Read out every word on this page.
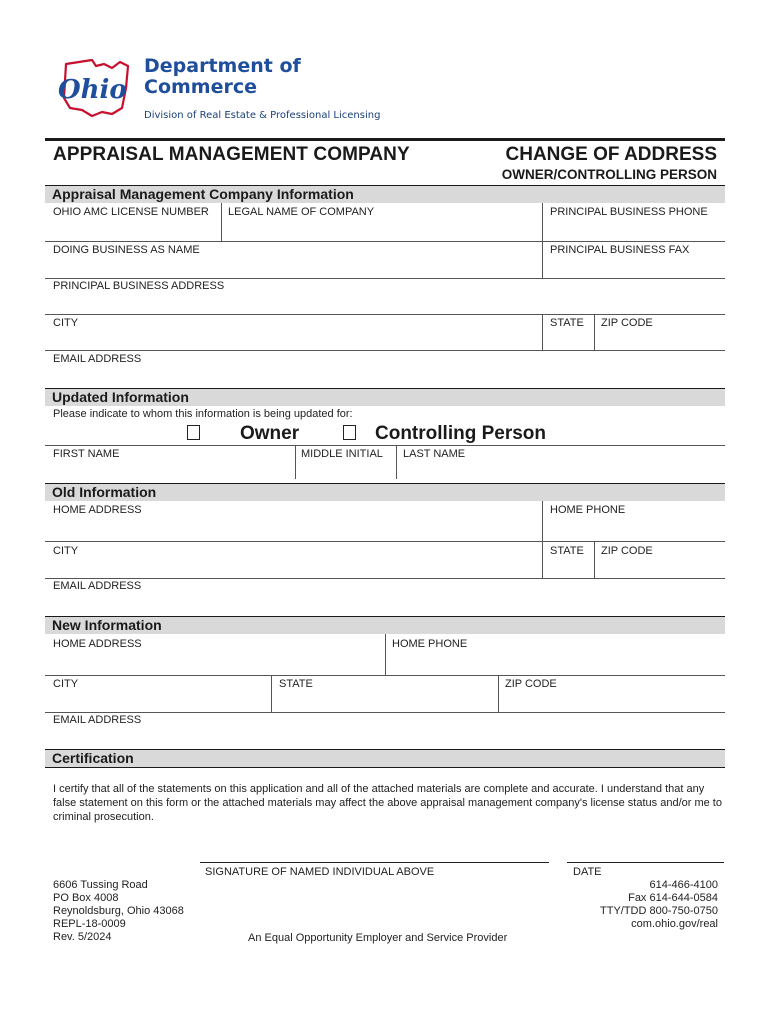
Ohio
Department of
Commerce
Division of Real Estate & Professional Licensing
APPRAISAL MANAGEMENT COMPANY	CHANGE OF ADDRESS
OWNER/CONTROLLING PERSON
Appraisal Management Company Information
OHIO AMC LICENSE NUMBER LEGAL NAME OF COMPANY	PRINCIPAL BUSINESS PHONE
DOING BUSINESS AS NAME	PRINCIPAL BUSINESS FAX
PRINCIPAL BUSINESS ADDRESS
CITY	STATE ZIP CODE
EMAIL ADDRESS
Updated Information
Please indicate to whom this information is being updated for:
Owner	Controlling Person
FIRST NAME	MIDDLE INITIAL LAST NAME
Old Information
HOME ADDRESS	HOME PHONE
CITY	STATE ZIP CODE
EMAIL ADDRESS
New Information
HOME ADDRESS	HOME PHONE
CITY	STATE	ZIP CODE
EMAIL ADDRESS
Certification
I certify that all of the statements on this application and all of the attached materials are complete and accurate. I understand that any false statement on this form or the attached materials may affect the above appraisal management company's license status and/or me to criminal prosecution.
SIGNATURE OF NAMED INDIVIDUAL ABOVE	DATE
6606 Tussing Road
PO Box 4008
Reynoldsburg, Ohio 43068
REPL-18-0009
Rev. 5/2024	An Equal Opportunity Employer and Service Provider
614-466-4100
Fax 614-644-0584
TTY/TDD 800-750-0750
com.ohio.gov/real
